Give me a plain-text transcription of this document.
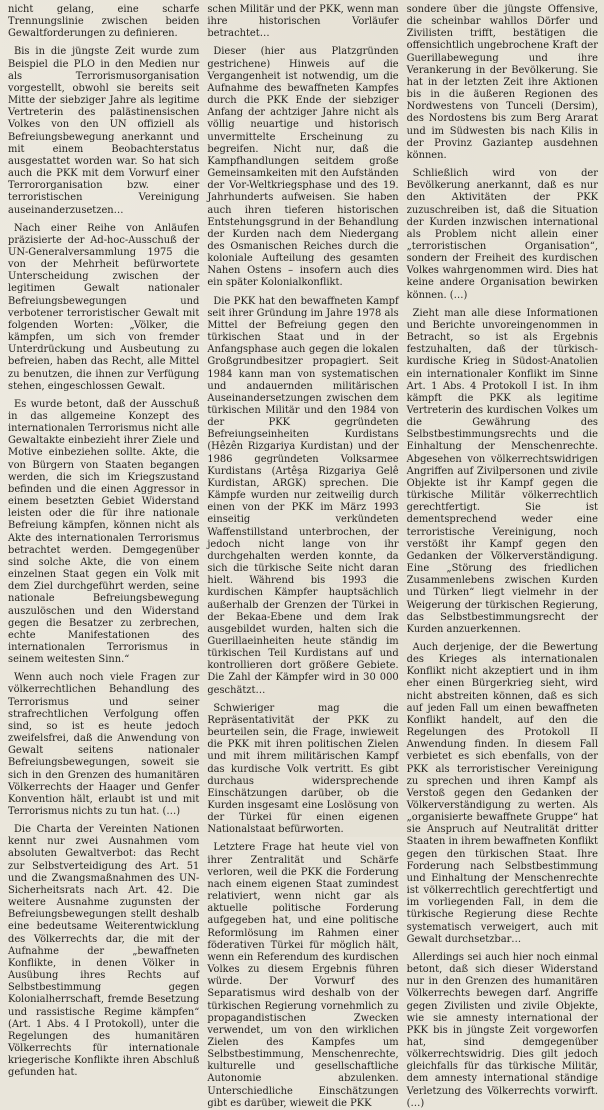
nicht gelang, eine scharfe Trennungslinie zwischen beiden Gewaltforderungen zu definieren.

Bis in die jüngste Zeit wurde zum Beispiel die PLO in den Medien nur als Terrorismusorganisation vorgestellt, obwohl sie bereits seit Mitte der siebziger Jahre als legitime Vertreterin des palästinensischen Volkes von den UN offiziell als Befreiungsbewegung anerkannt und mit einem Beobachterstatus ausgestattet worden war. So hat sich auch die PKK mit dem Vorwurf einer Terrororganisation bzw. einer terroristischen Vereinigung auseinanderzusetzen…

Nach einer Reihe von Anläufen präzisierte der Ad-hoc-Ausschuß der UN-Generalversammlung 1975 die von der Mehrheit befürwortete Unterscheidung zwischen der legitimen Gewalt nationaler Befreiungsbewegungen und verbotener terroristischer Gewalt mit folgenden Worten: „Völker, die kämpfen, um sich von fremder Unterdrückung und Ausbeutung zu befreien, haben das Recht, alle Mittel zu benutzen, die ihnen zur Verfügung stehen, eingeschlossen Gewalt.

Es wurde betont, daß der Ausschuß in das allgemeine Konzept des internationalen Terrorismus nicht alle Gewaltakte einbezieht ihrer Ziele und Motive einbeziehen sollte. Akte, die von Bürgern von Staaten begangen werden, die sich im Kriegszustand befinden und die einen Aggressor in einem besetzten Gebiet Widerstand leisten oder die für ihre nationale Befreiung kämpfen, können nicht als Akte des internationalen Terrorismus betrachtet werden. Demgegenüber sind solche Akte, die von einem einzelnen Staat gegen ein Volk mit dem Ziel durchgeführt werden, seine nationale Befreiungsbewegung auszulöschen und den Widerstand gegen die Besatzer zu zerbrechen, echte Manifestationen des internationalen Terrorismus in seinem weitesten Sinn.“

Wenn auch noch viele Fragen zur völkerrechtlichen Behandlung des Terrorismus und seiner strafrechtlichen Verfolgung offen sind, so ist es heute jedoch zweifelsfrei, daß die Anwendung von Gewalt seitens nationaler Befreiungsbewegungen, soweit sie sich in den Grenzen des humanitären Völkerrechts der Haager und Genfer Konvention hält, erlaubt ist und mit Terrorismus nichts zu tun hat. (…)

Die Charta der Vereinten Nationen kennt nur zwei Ausnahmen vom absoluten Gewaltverbot: das Recht zur Selbstverteidigung des Art. 51 und die Zwangsmaßnahmen des UN-Sicherheitsrats nach Art. 42. Die weitere Ausnahme zugunsten der Befreiungsbewegungen stellt deshalb eine bedeutsame Weiterentwicklung des Völkerrechts dar, die mit der Aufnahme der „bewaffneten Konflikte, in denen Völker in Ausübung ihres Rechts auf Selbstbestimmung gegen Kolonialherrschaft, fremde Besetzung und rassistische Regime kämpfen“ (Art. 1 Abs. 4 I Protokoll), unter die Regelungen des humanitären Völkerrechts für internationale kriegerische Konflikte ihren Abschluß gefunden hat.

schen Militär und der PKK, wenn man ihre historischen Vorläufer betrachtet…

Dieser (hier aus Platzgründen gestrichene) Hinweis auf die Vergangenheit ist notwendig, um die Aufnahme des bewaffneten Kampfes durch die PKK Ende der siebziger Anfang der achtziger Jahre nicht als völlig neuartige und historisch unvermittelte Erscheinung zu begreifen. Nicht nur, daß die Kampfhandlungen seitdem große Gemeinsamkeiten mit den Aufständen der Vor-Weltkriegsphase und des 19. Jahrhunderts aufweisen. Sie haben auch ihren tieferen historischen Entstehungsgrund in der Behandlung der Kurden nach dem Niedergang des Osmanischen Reiches durch die koloniale Aufteilung des gesamten Nahen Ostens – insofern auch dies ein später Kolonialkonflikt.

Die PKK hat den bewaffneten Kampf seit ihrer Gründung im Jahre 1978 als Mittel der Befreiung gegen den türkischen Staat und in der Anfangsphase auch gegen die lokalen Großgrundbesitzer propagiert. Seit 1984 kann man von systematischen und andauernden militärischen Auseinandersetzungen zwischen dem türkischen Militär und den 1984 von der PKK gegründeten Befreiungseinheiten Kurdistans (Hêzên Rizgariya Kurdistan) und der 1986 gegründeten Volksarmee Kurdistans (Artêşa Rizgariya Gelê Kurdistan, ARGK) sprechen. Die Kämpfe wurden nur zeitweilig durch einen von der PKK im März 1993 einseitig verkündeten Waffenstillstand unterbrochen, der jedoch nicht lange von ihr durchgehalten werden konnte, da sich die türkische Seite nicht daran hielt. Während bis 1993 die kurdischen Kämpfer hauptsächlich außerhalb der Grenzen der Türkei in der Bekaa-Ebene und dem Irak ausgebildet wurden, halten sich die Guerillaeinheiten heute ständig im türkischen Teil Kurdistans auf und kontrollieren dort größere Gebiete. Die Zahl der Kämpfer wird in 30 000 geschätzt…

Schwieriger mag die Repräsentativität der PKK zu beurteilen sein, die Frage, inwieweit die PKK mit ihren politischen Zielen und mit ihrem militärischen Kampf das kurdische Volk vertritt. Es gibt durchaus widersprechende Einschätzungen darüber, ob die Kurden insgesamt eine Loslösung von der Türkei für einen eigenen Nationalstaat befürworten.

Letztere Frage hat heute viel von ihrer Zentralität und Schärfe verloren, weil die PKK die Forderung nach einem eigenen Staat zumindest relativiert, wenn nicht gar als aktuelle politische Forderung aufgegeben hat, und eine politische Reformlösung im Rahmen einer föderativen Türkei für möglich hält, wenn ein Referendum des kurdischen Volkes zu diesem Ergebnis führen würde. Der Vorwurf des Separatismus wird deshalb von der türkischen Regierung vornehmlich zu propagandistischen Zwecken verwendet, um von den wirklichen Zielen des Kampfes um Selbstbestimmung, Menschenrechte, kulturelle und gesellschaftliche Autonomie abzulenken. Unterschiedliche Einschätzungen gibt es darüber, wieweit die PKK

sondere über die jüngste Offensive, die scheinbar wahllos Dörfer und Zivilisten trifft, bestätigen die offensichtlich ungebrochene Kraft der Guerillabewegung und ihre Verankerung in der Bevölkerung. Sie hat in der letzten Zeit ihre Aktionen bis in die äußeren Regionen des Nordwestens von Tunceli (Dersim), des Nordostens bis zum Berg Ararat und im Südwesten bis nach Kilis in der Provinz Gaziantep ausdehnen können.

Schließlich wird von der Bevölkerung anerkannt, daß es nur den Aktivitäten der PKK zuzuschreiben ist, daß die Situation der Kurden inzwischen international als Problem nicht allein einer „terroristischen Organisation“, sondern der Freiheit des kurdischen Volkes wahrgenommen wird. Dies hat keine andere Organisation bewirken können. (…)

Zieht man alle diese Informationen und Berichte unvoreingenommen in Betracht, so ist als Ergebnis festzuhalten, daß der türkisch-kurdische Krieg in Südost-Anatolien ein internationaler Konflikt im Sinne Art. 1 Abs. 4 Protokoll I ist. In ihm kämpft die PKK als legitime Vertreterin des kurdischen Volkes um die Gewährung des Selbstbestimmungsrechts und die Einhaltung der Menschenrechte. Abgesehen von völkerrechtswidrigen Angriffen auf Zivilpersonen und zivile Objekte ist ihr Kampf gegen die türkische Militär völkerrechtlich gerechtfertigt. Sie ist dementsprechend weder eine terroristische Vereinigung, noch verstößt ihr Kampf gegen den Gedanken der Völkerverständigung. Eine „Störung des friedlichen Zusammenlebens zwischen Kurden und Türken“ liegt vielmehr in der Weigerung der türkischen Regierung, das Selbstbestimmungsrecht der Kurden anzuerkennen.

Auch derjenige, der die Bewertung des Krieges als internationalen Konflikt nicht akzeptiert und in ihm eher einen Bürgerkrieg sieht, wird nicht abstreiten können, daß es sich auf jeden Fall um einen bewaffneten Konflikt handelt, auf den die Regelungen des Protokoll II Anwendung finden. In diesem Fall verbietet es sich ebenfalls, von der PKK als terroristischer Vereinigung zu sprechen und ihren Kampf als Verstoß gegen den Gedanken der Völkerverständigung zu werten. Als „organisierte bewaffnete Gruppe“ hat sie Anspruch auf Neutralität dritter Staaten in ihrem bewaffneten Konflikt gegen den türkischen Staat. Ihre Forderung nach Selbstbestimmung und Einhaltung der Menschenrechte ist völkerrechtlich gerechtfertigt und im vorliegenden Fall, in dem die türkische Regierung diese Rechte systematisch verweigert, auch mit Gewalt durchsetzbar…

Allerdings sei auch hier noch einmal betont, daß sich dieser Widerstand nur in den Grenzen des humanitären Völkerrechts bewegen darf. Angriffe gegen Zivilisten und zivile Objekte, wie sie amnesty international der PKK bis in jüngste Zeit vorgeworfen hat, sind demgegenüber völkerrechtswidrig. Dies gilt jedoch gleichfalls für das türkische Militär, dem amnesty international ständige Verletzung des Völkerrechts vorwirft. (…)
